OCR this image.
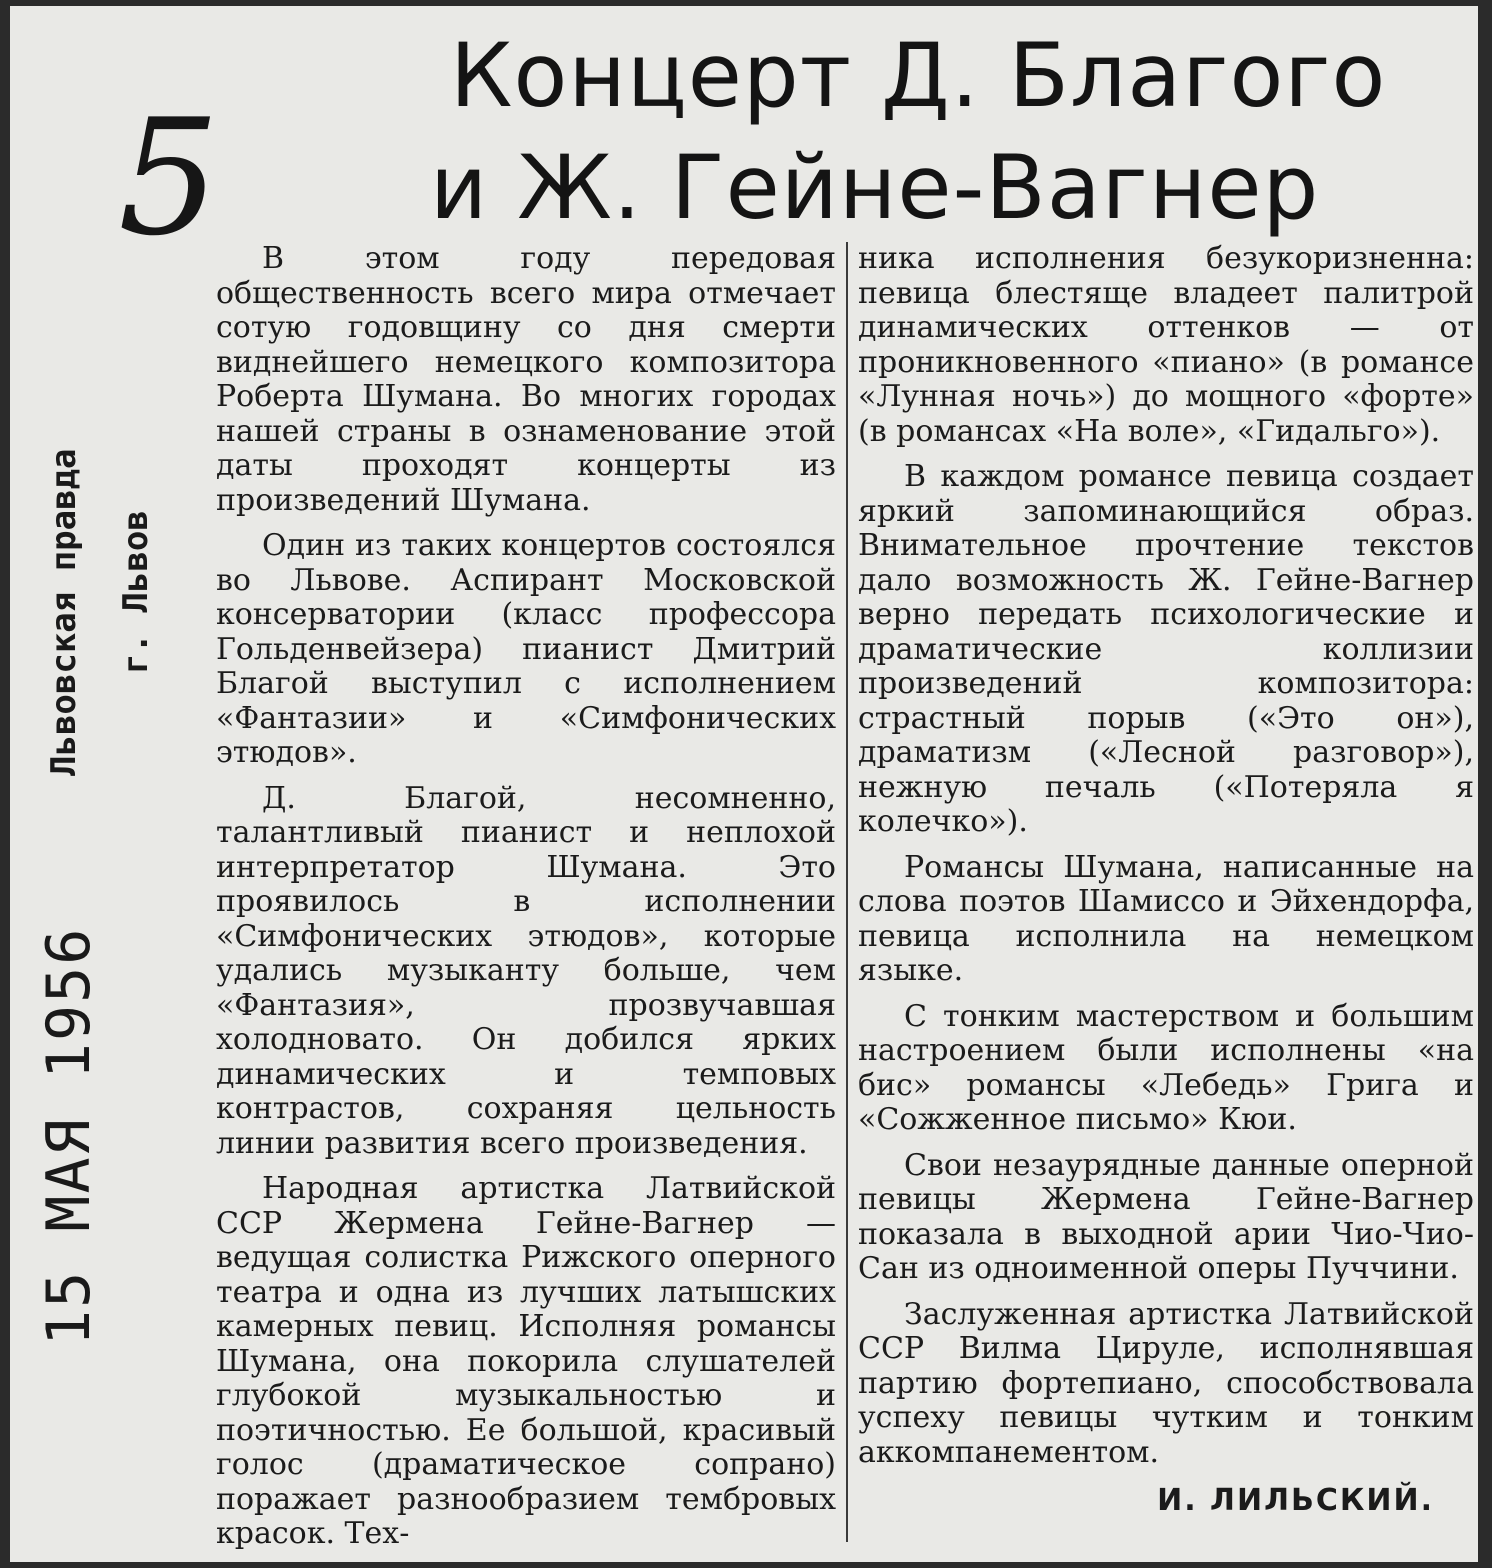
5
Концерт Д. Благого
и Ж. Гейне-Вагнер
Львовская правда г. Львов
15 МАЯ 1956

В этом году передовая общественность всего мира отмечает сотую годовщину со дня смерти виднейшего немецкого композитора Роберта Шумана. Во многих городах нашей страны в ознаменование этой даты проходят концерты из произведений Шумана.

Один из таких концертов состоялся во Львове. Аспирант Московской консерватории (класс профессора Гольденвейзера) пианист Дмитрий Благой выступил с исполнением «Фантазии» и «Симфонических этюдов».

Д. Благой, несомненно, талантливый пианист и неплохой интерпретатор Шумана. Это проявилось в исполнении «Симфонических этюдов», которые удались музыканту больше, чем «Фантазия», прозвучавшая холодновато. Он добился ярких динамических и темповых контрастов, сохраняя цельность линии развития всего произведения.

Народная артистка Латвийской ССР Жермена Гейне-Вагнер — ведущая солистка Рижского оперного театра и одна из лучших латышских камерных певиц. Исполняя романсы Шумана, она покорила слушателей глубокой музыкальностью и поэтичностью. Ее большой, красивый голос (драматическое сопрано) поражает разнообразием тембровых красок. Тех-

ника исполнения безукоризненна: певица блестяще владеет палитрой динамических оттенков — от проникновенного «пиано» (в романсе «Лунная ночь») до мощного «форте» (в романсах «На воле», «Гидальго»).

В каждом романсе певица создает яркий запоминающийся образ. Внимательное прочтение текстов дало возможность Ж. Гейне-Вагнер верно передать психологические и драматические коллизии произведений композитора: страстный порыв («Это он»), драматизм («Лесной разговор»), нежную печаль («Потеряла я колечко»).

Романсы Шумана, написанные на слова поэтов Шамиссо и Эйхендорфа, певица исполнила на немецком языке.

С тонким мастерством и большим настроением были исполнены «на бис» романсы «Лебедь» Грига и «Сожженное письмо» Кюи.

Свои незаурядные данные оперной певицы Жермена Гейне-Вагнер показала в выходной арии Чио-Чио-Сан из одноименной оперы Пуччини.

Заслуженная артистка Латвийской ССР Вилма Цируле, исполнявшая партию фортепиано, способствовала успеху певицы чутким и тонким аккомпанементом.

И. ЛИЛЬСКИЙ.
